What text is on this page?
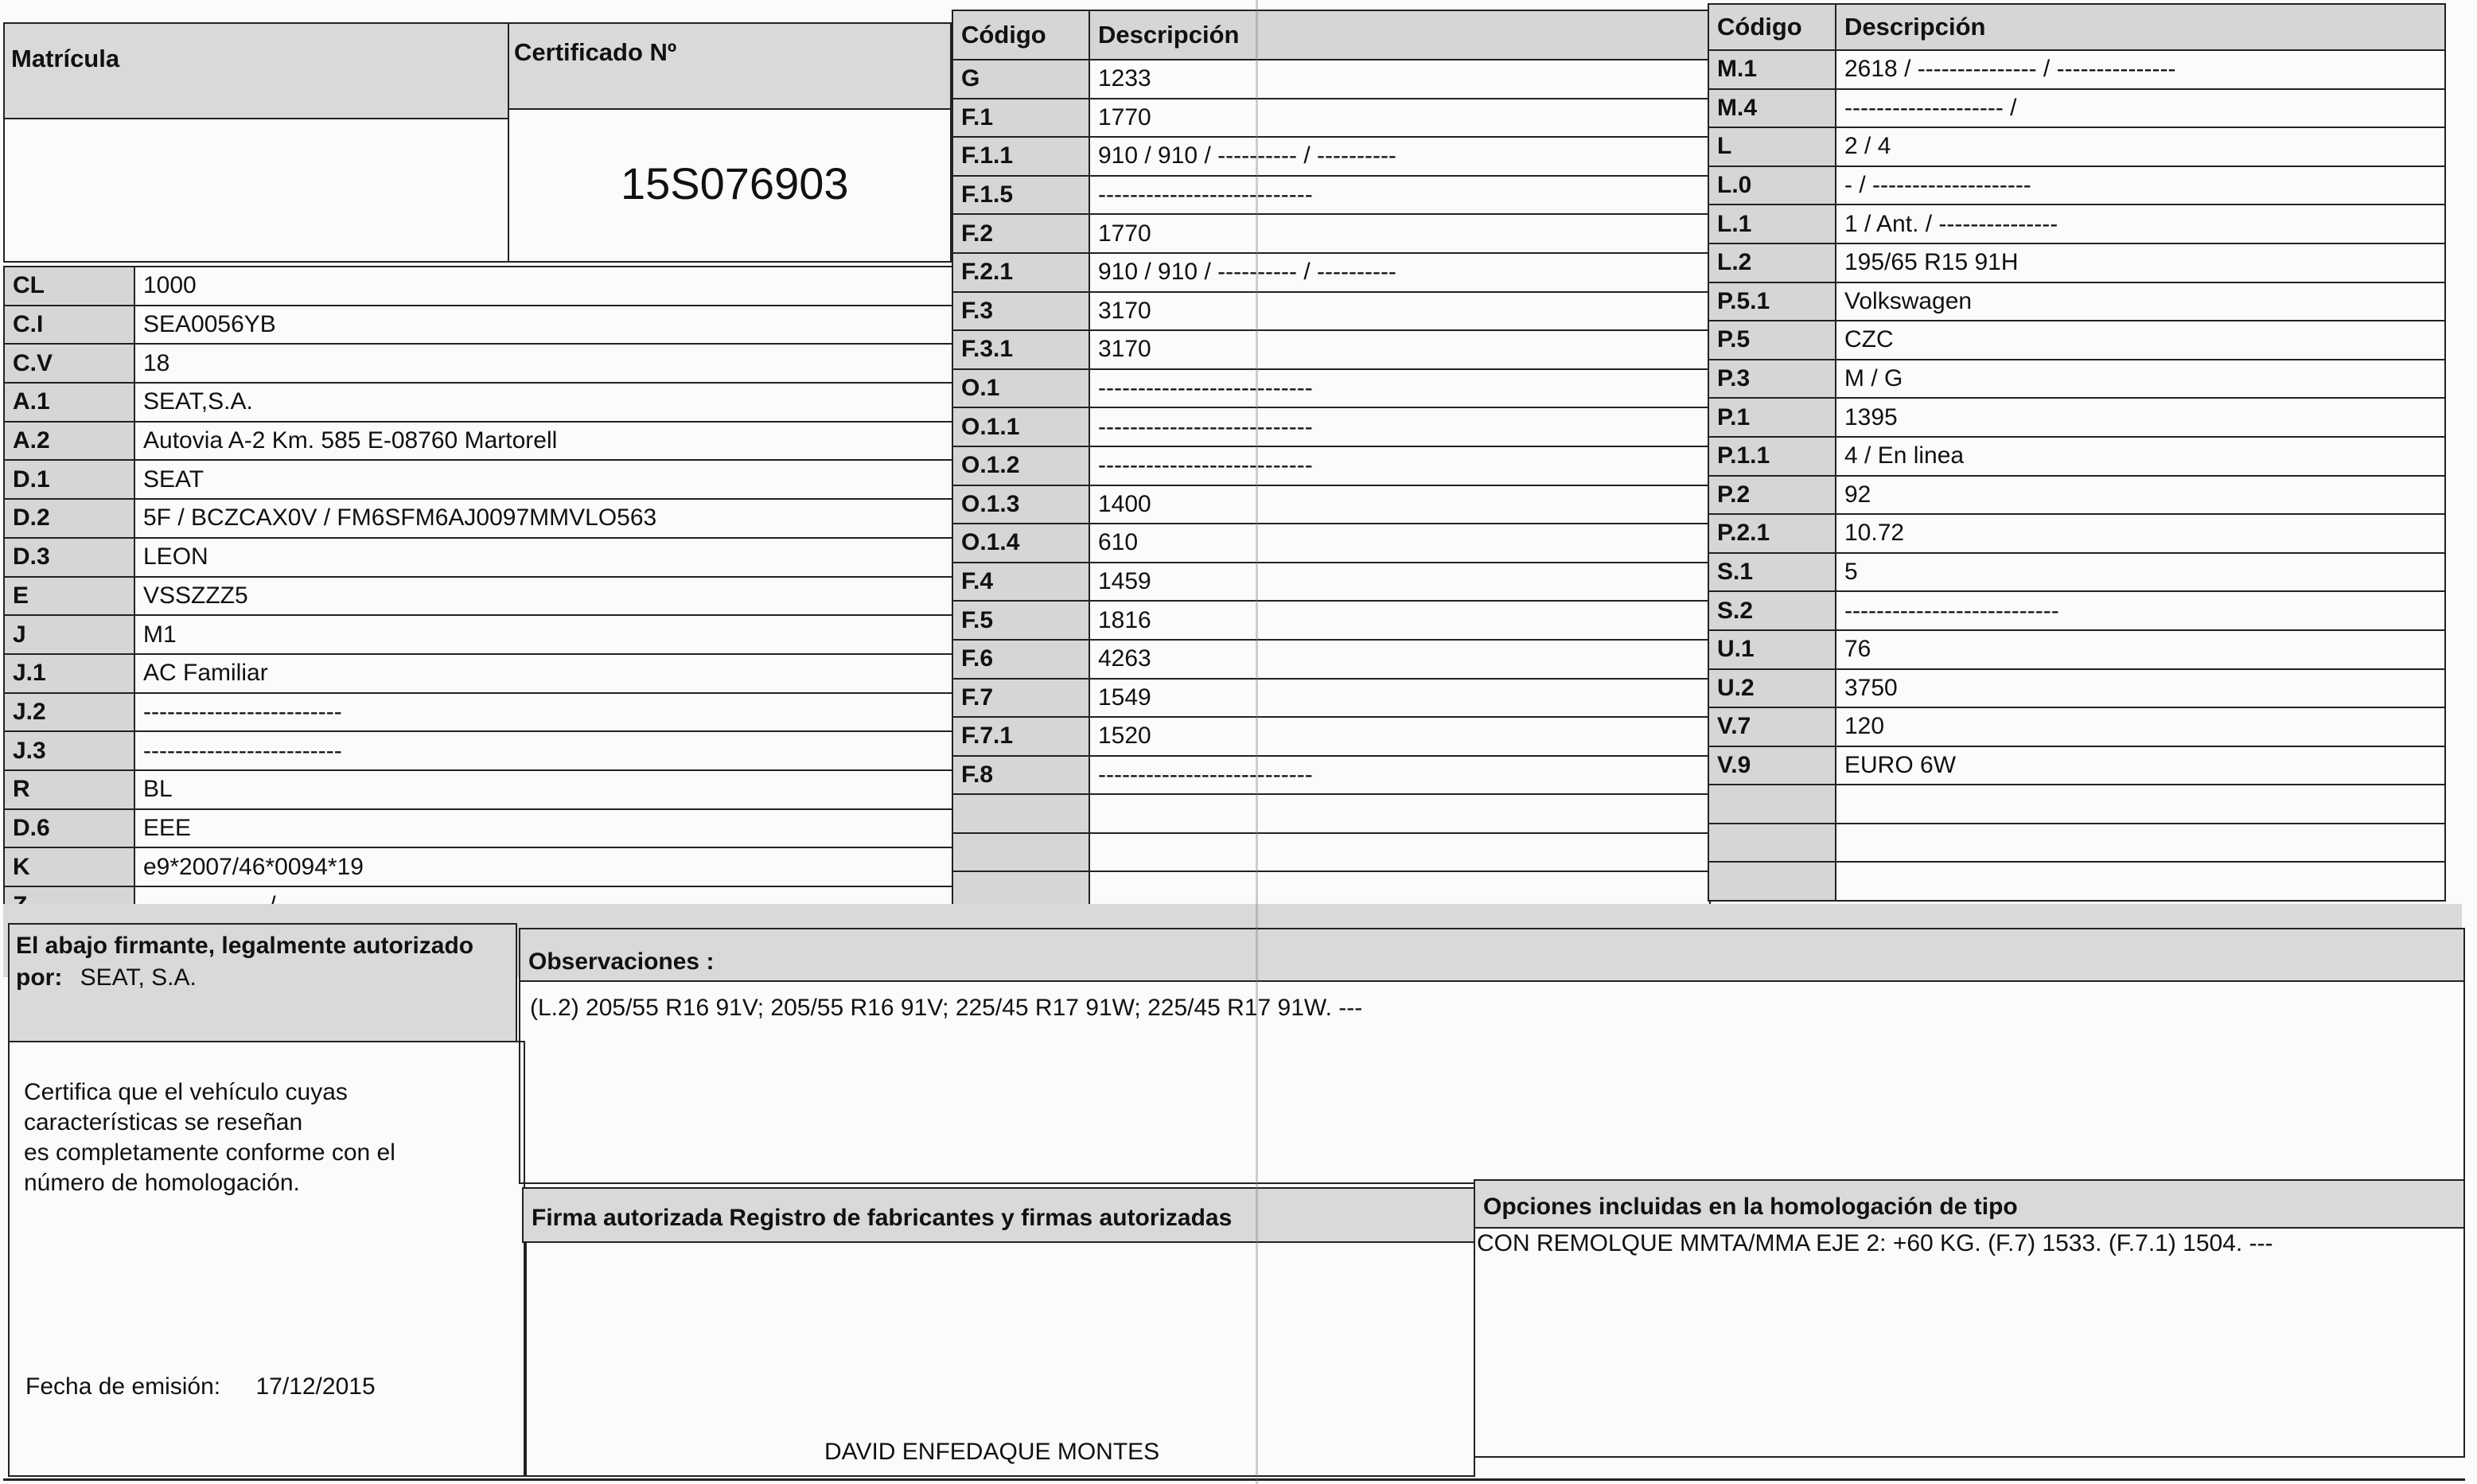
Matrícula	Certificado Nº
15S076903
CL	1000
C.I	SEA0056YB
C.V	18
A.1	SEAT,S.A.
A.2	Autovia A-2 Km. 585 E-08760 Martorell
D.1	SEAT
D.2	5F / BCZCAX0V / FM6SFM6AJ0097MMVLO563
D.3	LEON
E	VSSZZZ5
J	M1
J.1	AC Familiar
J.2	-------------------------
J.3	-------------------------
R	BL
D.6	EEE
K	e9*2007/46*0094*19

Código	Descripción
G	1233
F.1	1770
F.1.1	910 / 910 / ---------- / ----------
F.1.5	---------------------------
F.2	1770
F.2.1	910 / 910 / ---------- / ----------
F.3	3170
F.3.1	3170
O.1	---------------------------
O.1.1	---------------------------
O.1.2	---------------------------
O.1.3	1400
O.1.4	610
F.4	1459
F.5	1816
F.6	4263
F.7	1549
F.7.1	1520
F.8	---------------------------

Código	Descripción
M.1	2618 / --------------- / ---------------
M.4	-------------------- /
L	2 / 4
L.0	- / --------------------
L.1	1 / Ant. / ---------------
L.2	195/65 R15 91H
P.5.1	Volkswagen
P.5	CZC
P.3	M / G
P.1	1395
P.1.1	4 / En linea
P.2	92
P.2.1	10.72
S.1	5
S.2	---------------------------
U.1	76
U.2	3750
V.7	120
V.9	EURO 6W

El abajo firmante, legalmente autorizado
por: SEAT, S.A.
Certifica que el vehículo cuyas
características se reseñan
es completamente conforme con el
número de homologación.
Fecha de emisión: 17/12/2015
Observaciones :
(L.2) 205/55 R16 91V; 205/55 R16 91V; 225/45 R17 91W; 225/45 R17 91W. ---
Firma autorizada Registro de fabricantes y firmas autorizadas
DAVID ENFEDAQUE MONTES
Opciones incluidas en la homologación de tipo
CON REMOLQUE MMTA/MMA EJE 2: +60 KG. (F.7) 1533. (F.7.1) 1504. ---
